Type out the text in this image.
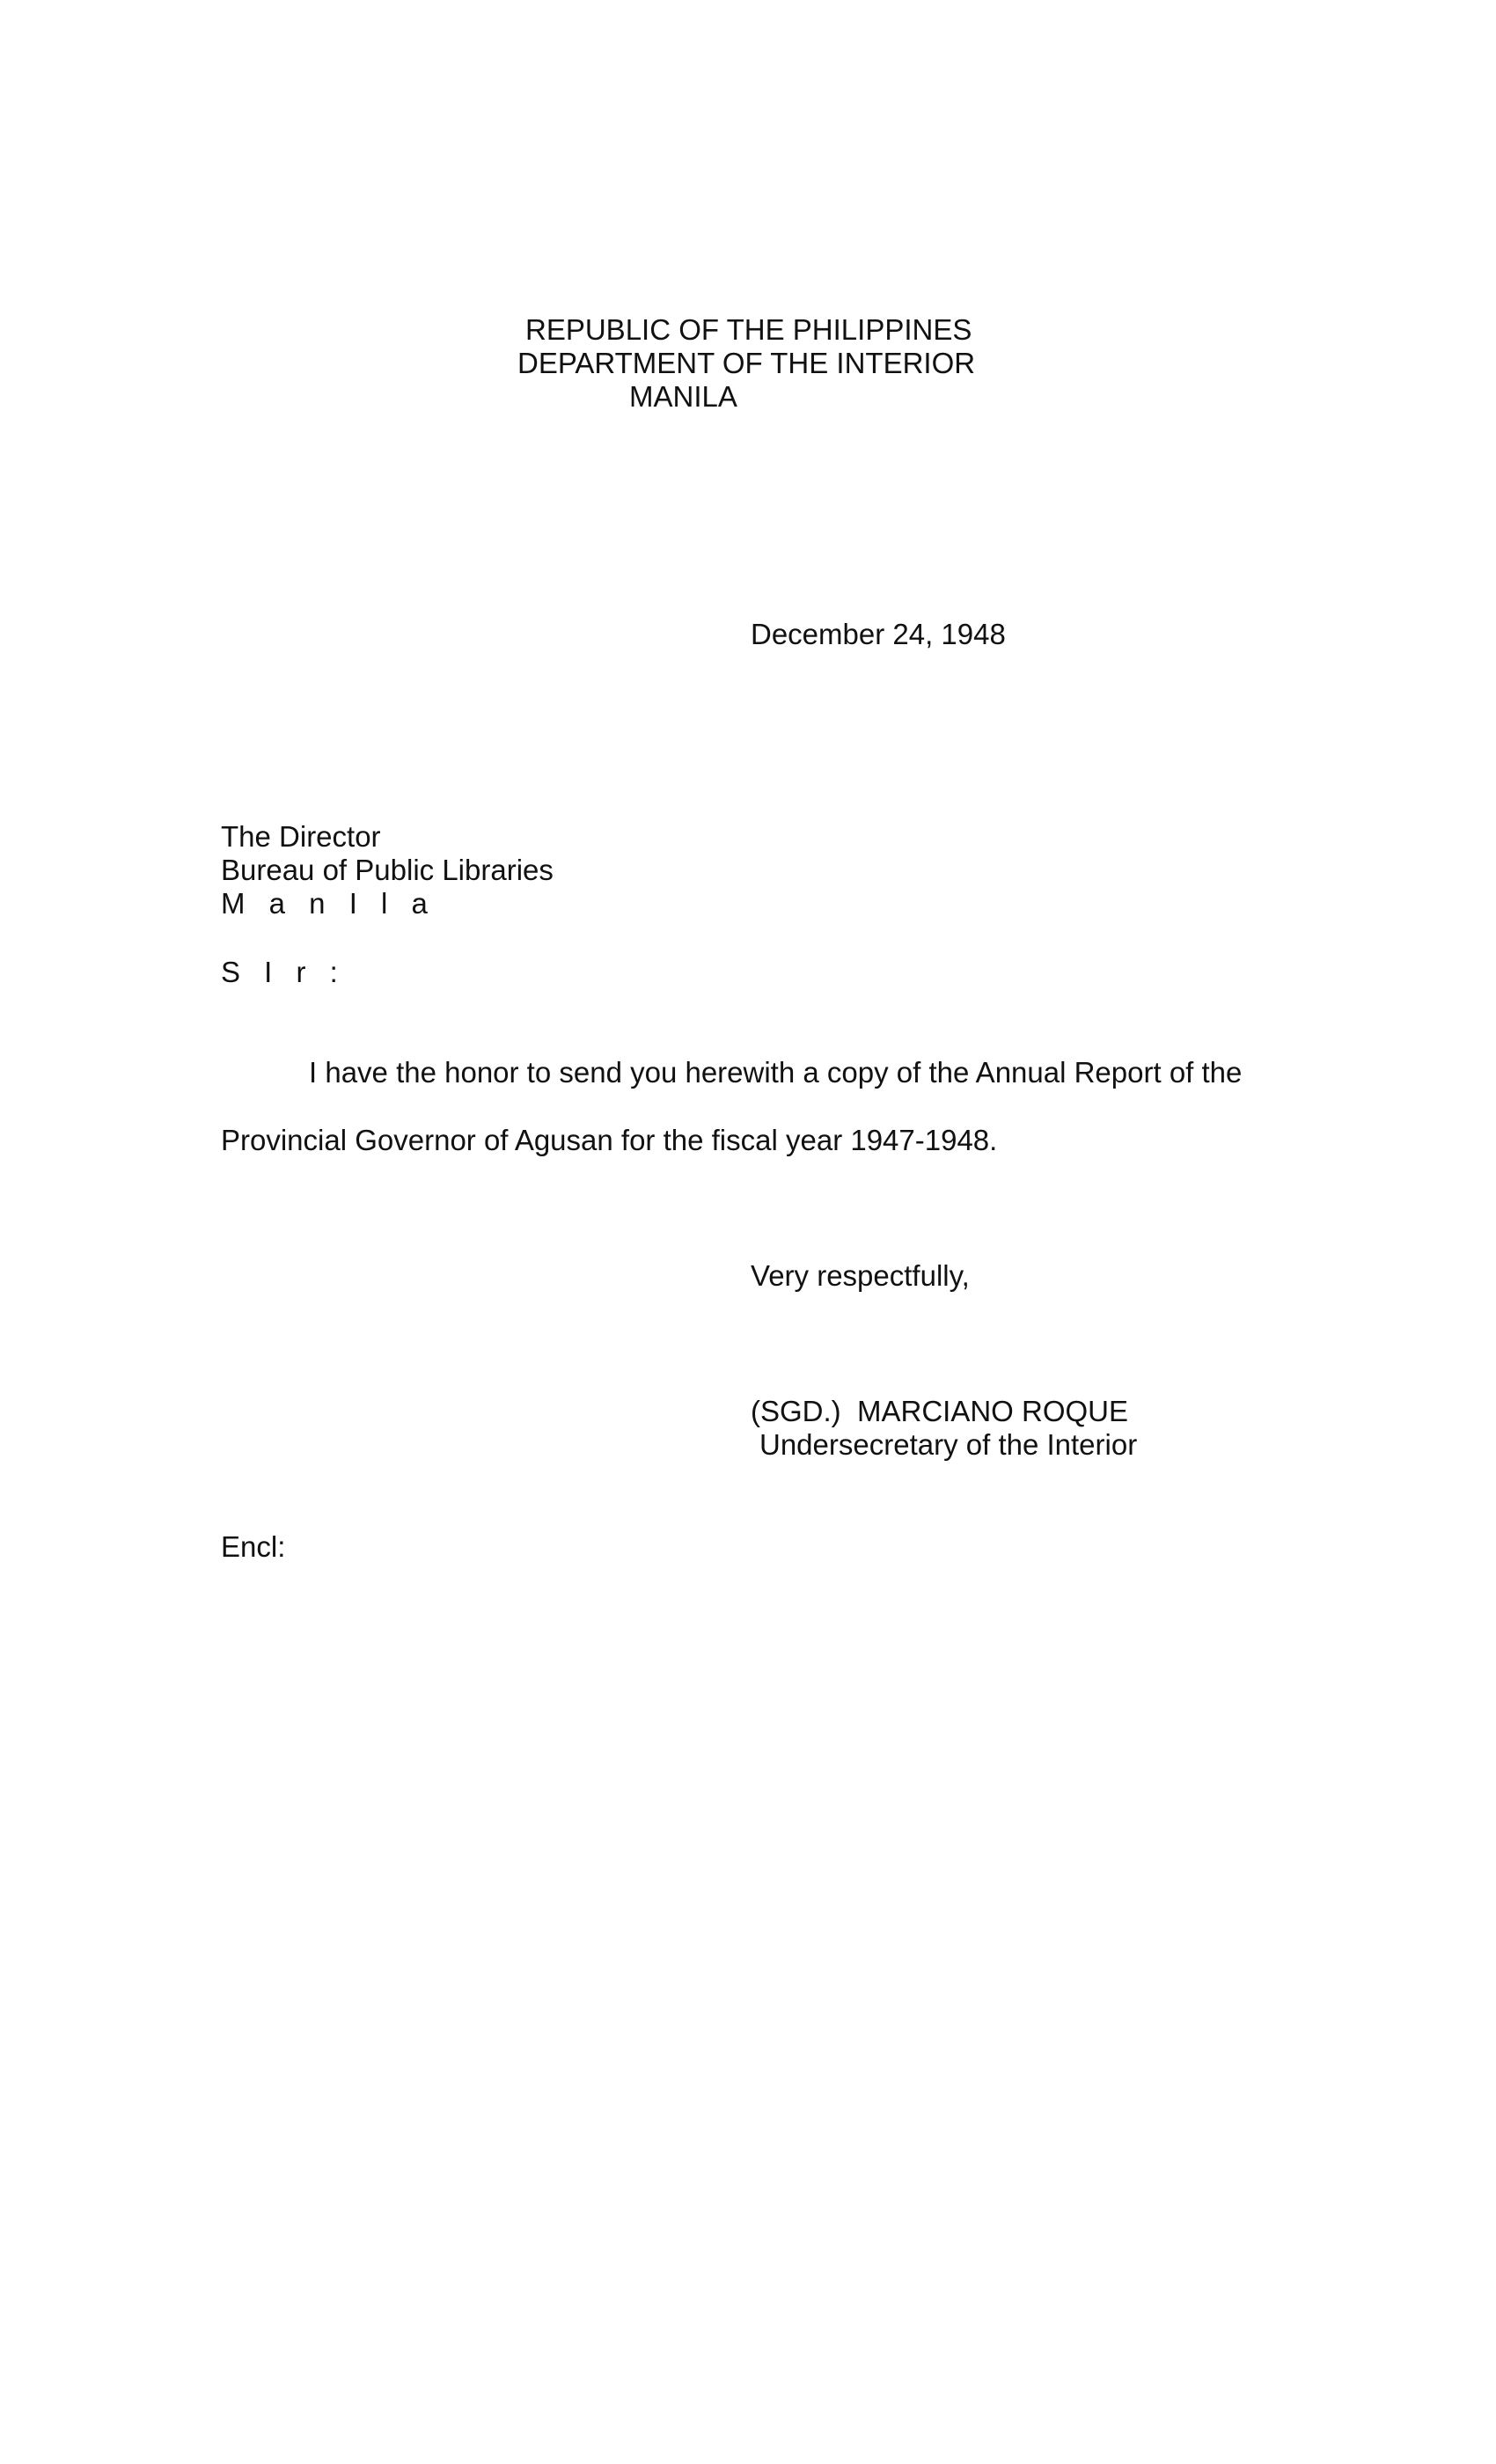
REPUBLIC OF THE PHILIPPINES
DEPARTMENT OF THE INTERIOR
MANILA
December 24, 1948
The Director
Bureau of Public Libraries
M a n I l a
S I r :
I have the honor to send you herewith a copy of the Annual Report of the
Provincial Governor of Agusan for the fiscal year 1947-1948.
Very respectfully,
(SGD.)  MARCIANO ROQUE
Undersecretary of the Interior
Encl:
